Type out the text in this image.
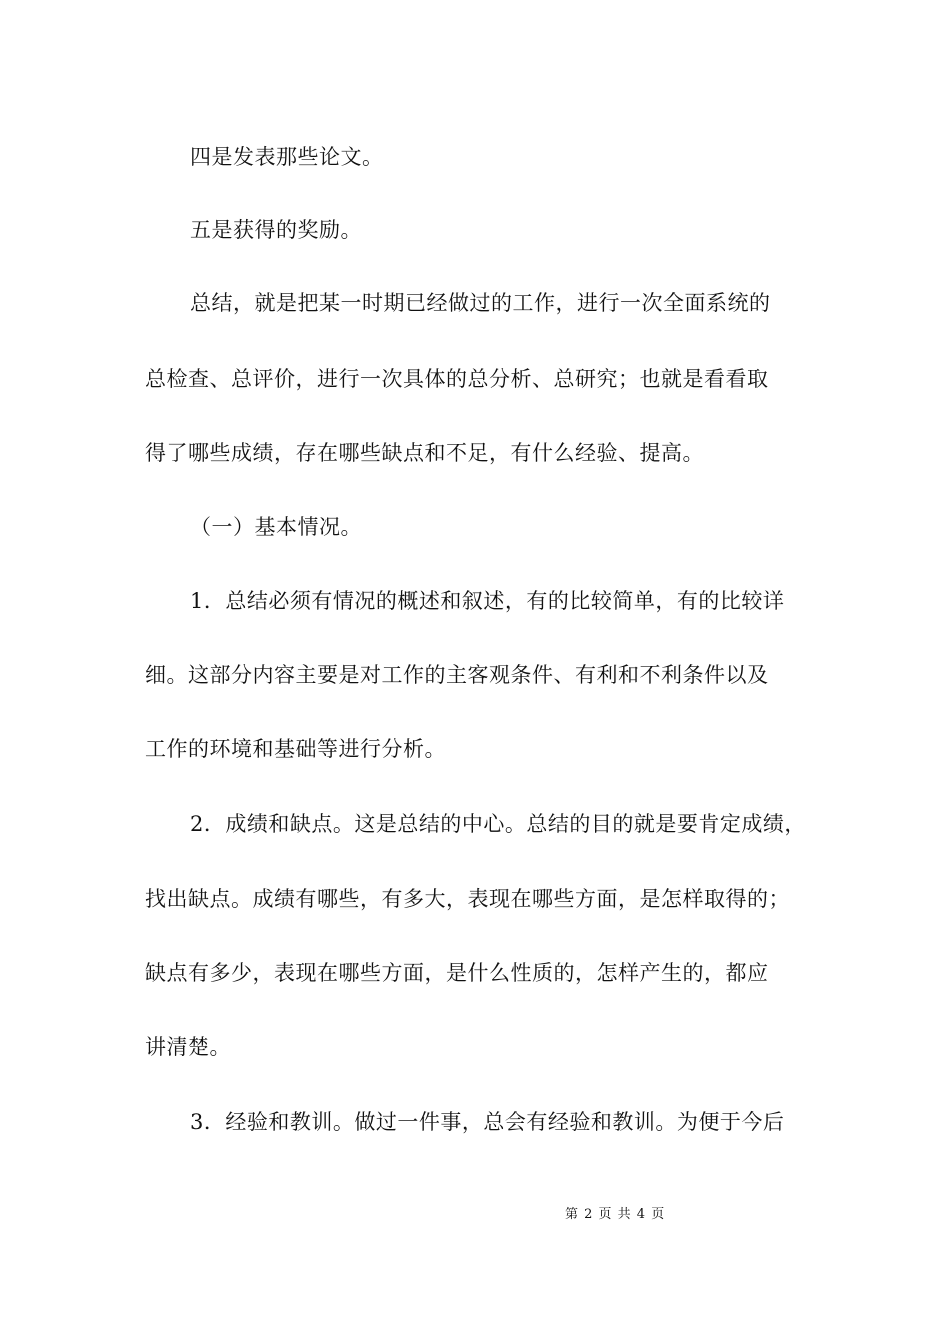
四是发表那些论文。
五是获得的奖励。
总结，就是把某一时期已经做过的工作，进行一次全面系统的
总检查、总评价，进行一次具体的总分析、总研究；也就是看看取
得了哪些成绩，存在哪些缺点和不足，有什么经验、提高。
（一）基本情况。
1．总结必须有情况的概述和叙述，有的比较简单，有的比较详
细。这部分内容主要是对工作的主客观条件、有利和不利条件以及
工作的环境和基础等进行分析。
2．成绩和缺点。这是总结的中心。总结的目的就是要肯定成绩，
找出缺点。成绩有哪些，有多大，表现在哪些方面，是怎样取得的；
缺点有多少，表现在哪些方面，是什么性质的，怎样产生的，都应
讲清楚。
3．经验和教训。做过一件事，总会有经验和教训。为便于今后
第 2 页 共 4 页
